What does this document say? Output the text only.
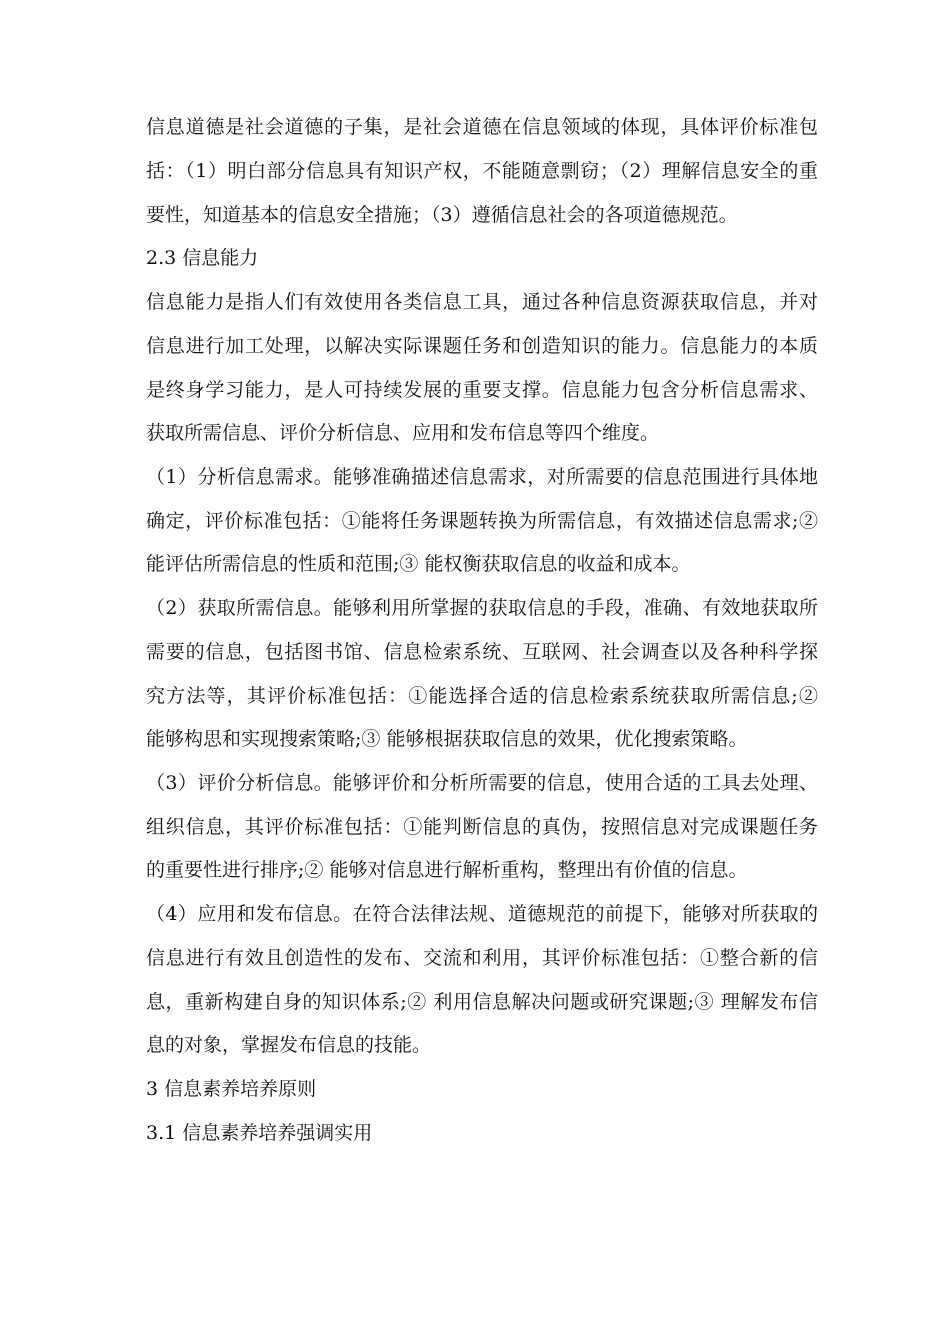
信息道德是社会道德的子集，是社会道德在信息领域的体现，具体评价标准包
括：（1）明白部分信息具有知识产权，不能随意剽窃；（2）理解信息安全的重
要性，知道基本的信息安全措施；（3）遵循信息社会的各项道德规范。
2.3 信息能力
信息能力是指人们有效使用各类信息工具，通过各种信息资源获取信息，并对
信息进行加工处理，以解决实际课题任务和创造知识的能力。信息能力的本质
是终身学习能力，是人可持续发展的重要支撑。信息能力包含分析信息需求、
获取所需信息、评价分析信息、应用和发布信息等四个维度。
（1）分析信息需求。能够准确描述信息需求，对所需要的信息范围进行具体地
确定，评价标准包括：①能将任务课题转换为所需信息，有效描述信息需求;②
能评估所需信息的性质和范围;③ 能权衡获取信息的收益和成本。
（2）获取所需信息。能够利用所掌握的获取信息的手段，准确、有效地获取所
需要的信息，包括图书馆、信息检索系统、互联网、社会调查以及各种科学探
究方法等，其评价标准包括：①能选择合适的信息检索系统获取所需信息;②
能够构思和实现搜索策略;③ 能够根据获取信息的效果，优化搜索策略。
（3）评价分析信息。能够评价和分析所需要的信息，使用合适的工具去处理、
组织信息，其评价标准包括：①能判断信息的真伪，按照信息对完成课题任务
的重要性进行排序;② 能够对信息进行解析重构，整理出有价值的信息。
（4）应用和发布信息。在符合法律法规、道德规范的前提下，能够对所获取的
信息进行有效且创造性的发布、交流和利用，其评价标准包括：①整合新的信
息，重新构建自身的知识体系;② 利用信息解决问题或研究课题;③ 理解发布信
息的对象，掌握发布信息的技能。
3 信息素养培养原则
3.1 信息素养培养强调实用
